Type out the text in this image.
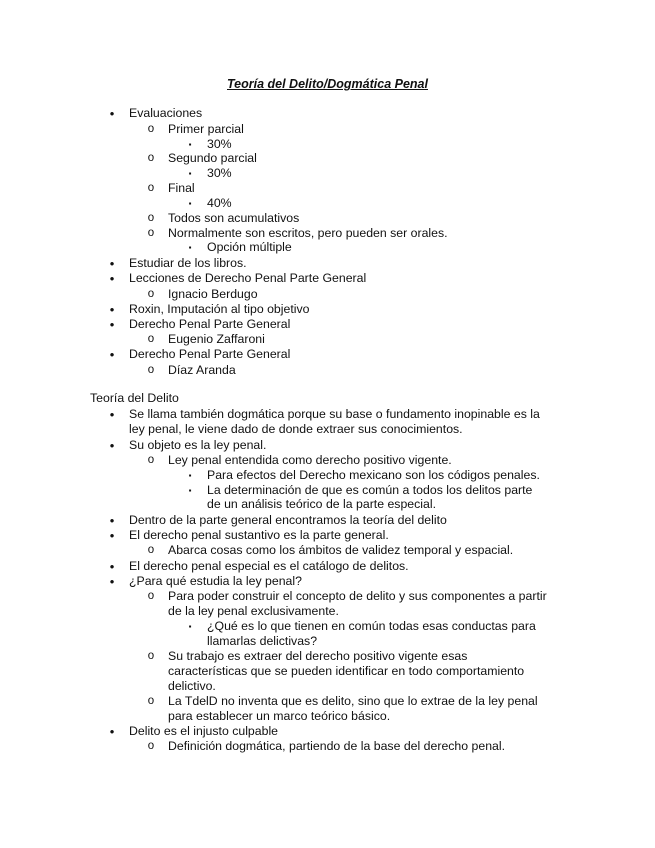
Teoría del Delito/Dogmática Penal
•	Evaluaciones
o Primer parcial
▪	30%
o Segundo parcial
▪	30%
o Final
▪	40%
o Todos son acumulativos
o Normalmente son escritos, pero pueden ser orales.
▪	Opción múltiple
•	Estudiar de los libros.
•	Lecciones de Derecho Penal Parte General
o Ignacio Berdugo
•	Roxin, Imputación al tipo objetivo
•	Derecho Penal Parte General
o Eugenio Zaffaroni
•	Derecho Penal Parte General
o Díaz Aranda
Teoría del Delito
•	Se llama también dogmática porque su base o fundamento inopinable es la
ley penal, le viene dado de donde extraer sus conocimientos.
•	Su objeto es la ley penal.
o Ley penal entendida como derecho positivo vigente.
▪	Para efectos del Derecho mexicano son los códigos penales.
▪	La determinación de que es común a todos los delitos parte
de un análisis teórico de la parte especial.
•	Dentro de la parte general encontramos la teoría del delito
•	El derecho penal sustantivo es la parte general.
o Abarca cosas como los ámbitos de validez temporal y espacial.
•	El derecho penal especial es el catálogo de delitos.
•	¿Para qué estudia la ley penal?
o Para poder construir el concepto de delito y sus componentes a partir
de la ley penal exclusivamente.
▪	¿Qué es lo que tienen en común todas esas conductas para
llamarlas delictivas?
o Su trabajo es extraer del derecho positivo vigente esas
características que se pueden identificar en todo comportamiento
delictivo.
o La TdelD no inventa que es delito, sino que lo extrae de la ley penal
para establecer un marco teórico básico.
•	Delito es el injusto culpable
o Definición dogmática, partiendo de la base del derecho penal.
